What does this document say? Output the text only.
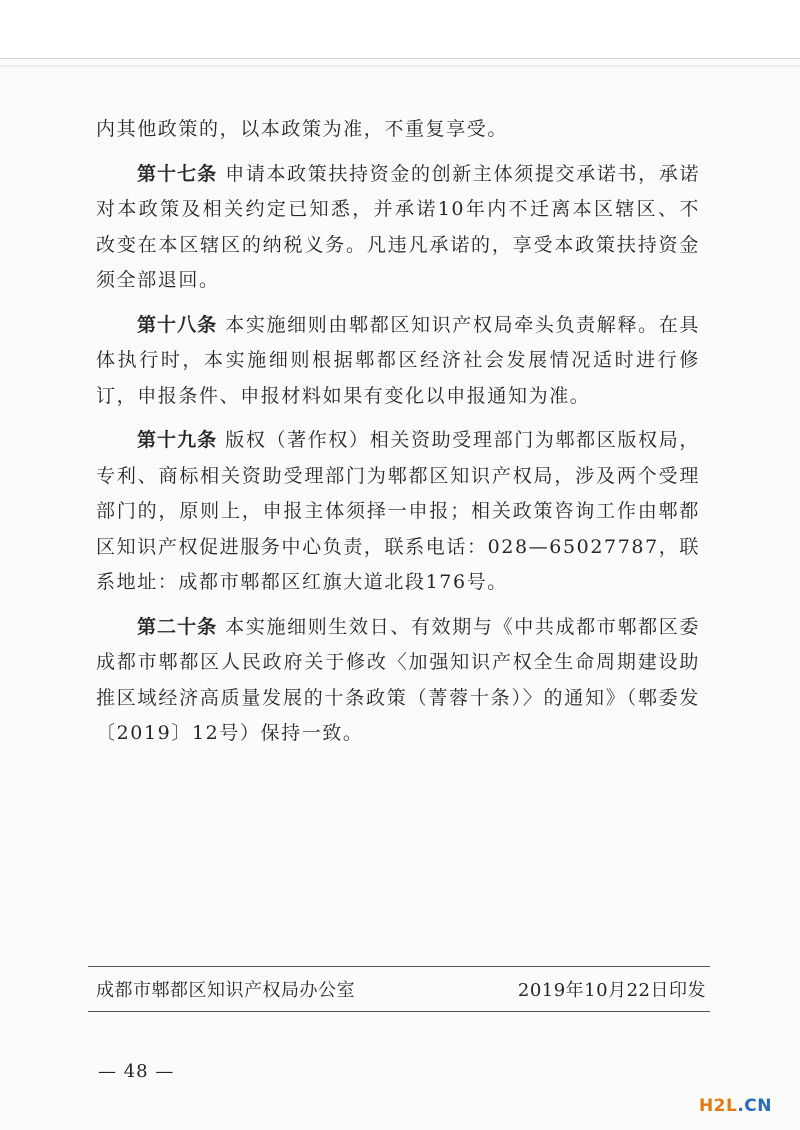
内其他政策的，以本政策为准，不重复享受。

第十七条 申请本政策扶持资金的创新主体须提交承诺书，承诺对本政策及相关约定已知悉，并承诺10年内不迁离本区辖区、不改变在本区辖区的纳税义务。凡违凡承诺的，享受本政策扶持资金须全部退回。

第十八条 本实施细则由郫都区知识产权局牵头负责解释。在具体执行时，本实施细则根据郫都区经济社会发展情况适时进行修订，申报条件、申报材料如果有变化以申报通知为准。

第十九条 版权（著作权）相关资助受理部门为郫都区版权局，专利、商标相关资助受理部门为郫都区知识产权局，涉及两个受理部门的，原则上，申报主体须择一申报；相关政策咨询工作由郫都区知识产权促进服务中心负责，联系电话：028—65027787，联系地址：成都市郫都区红旗大道北段176号。

第二十条 本实施细则生效日、有效期与《中共成都市郫都区委成都市郫都区人民政府关于修改〈加强知识产权全生命周期建设助推区域经济高质量发展的十条政策（菁蓉十条）〉的通知》（郫委发〔2019〕12号）保持一致。

成都市郫都区知识产权局办公室	2019年10月22日印发
— 48 —
H2L.CN
